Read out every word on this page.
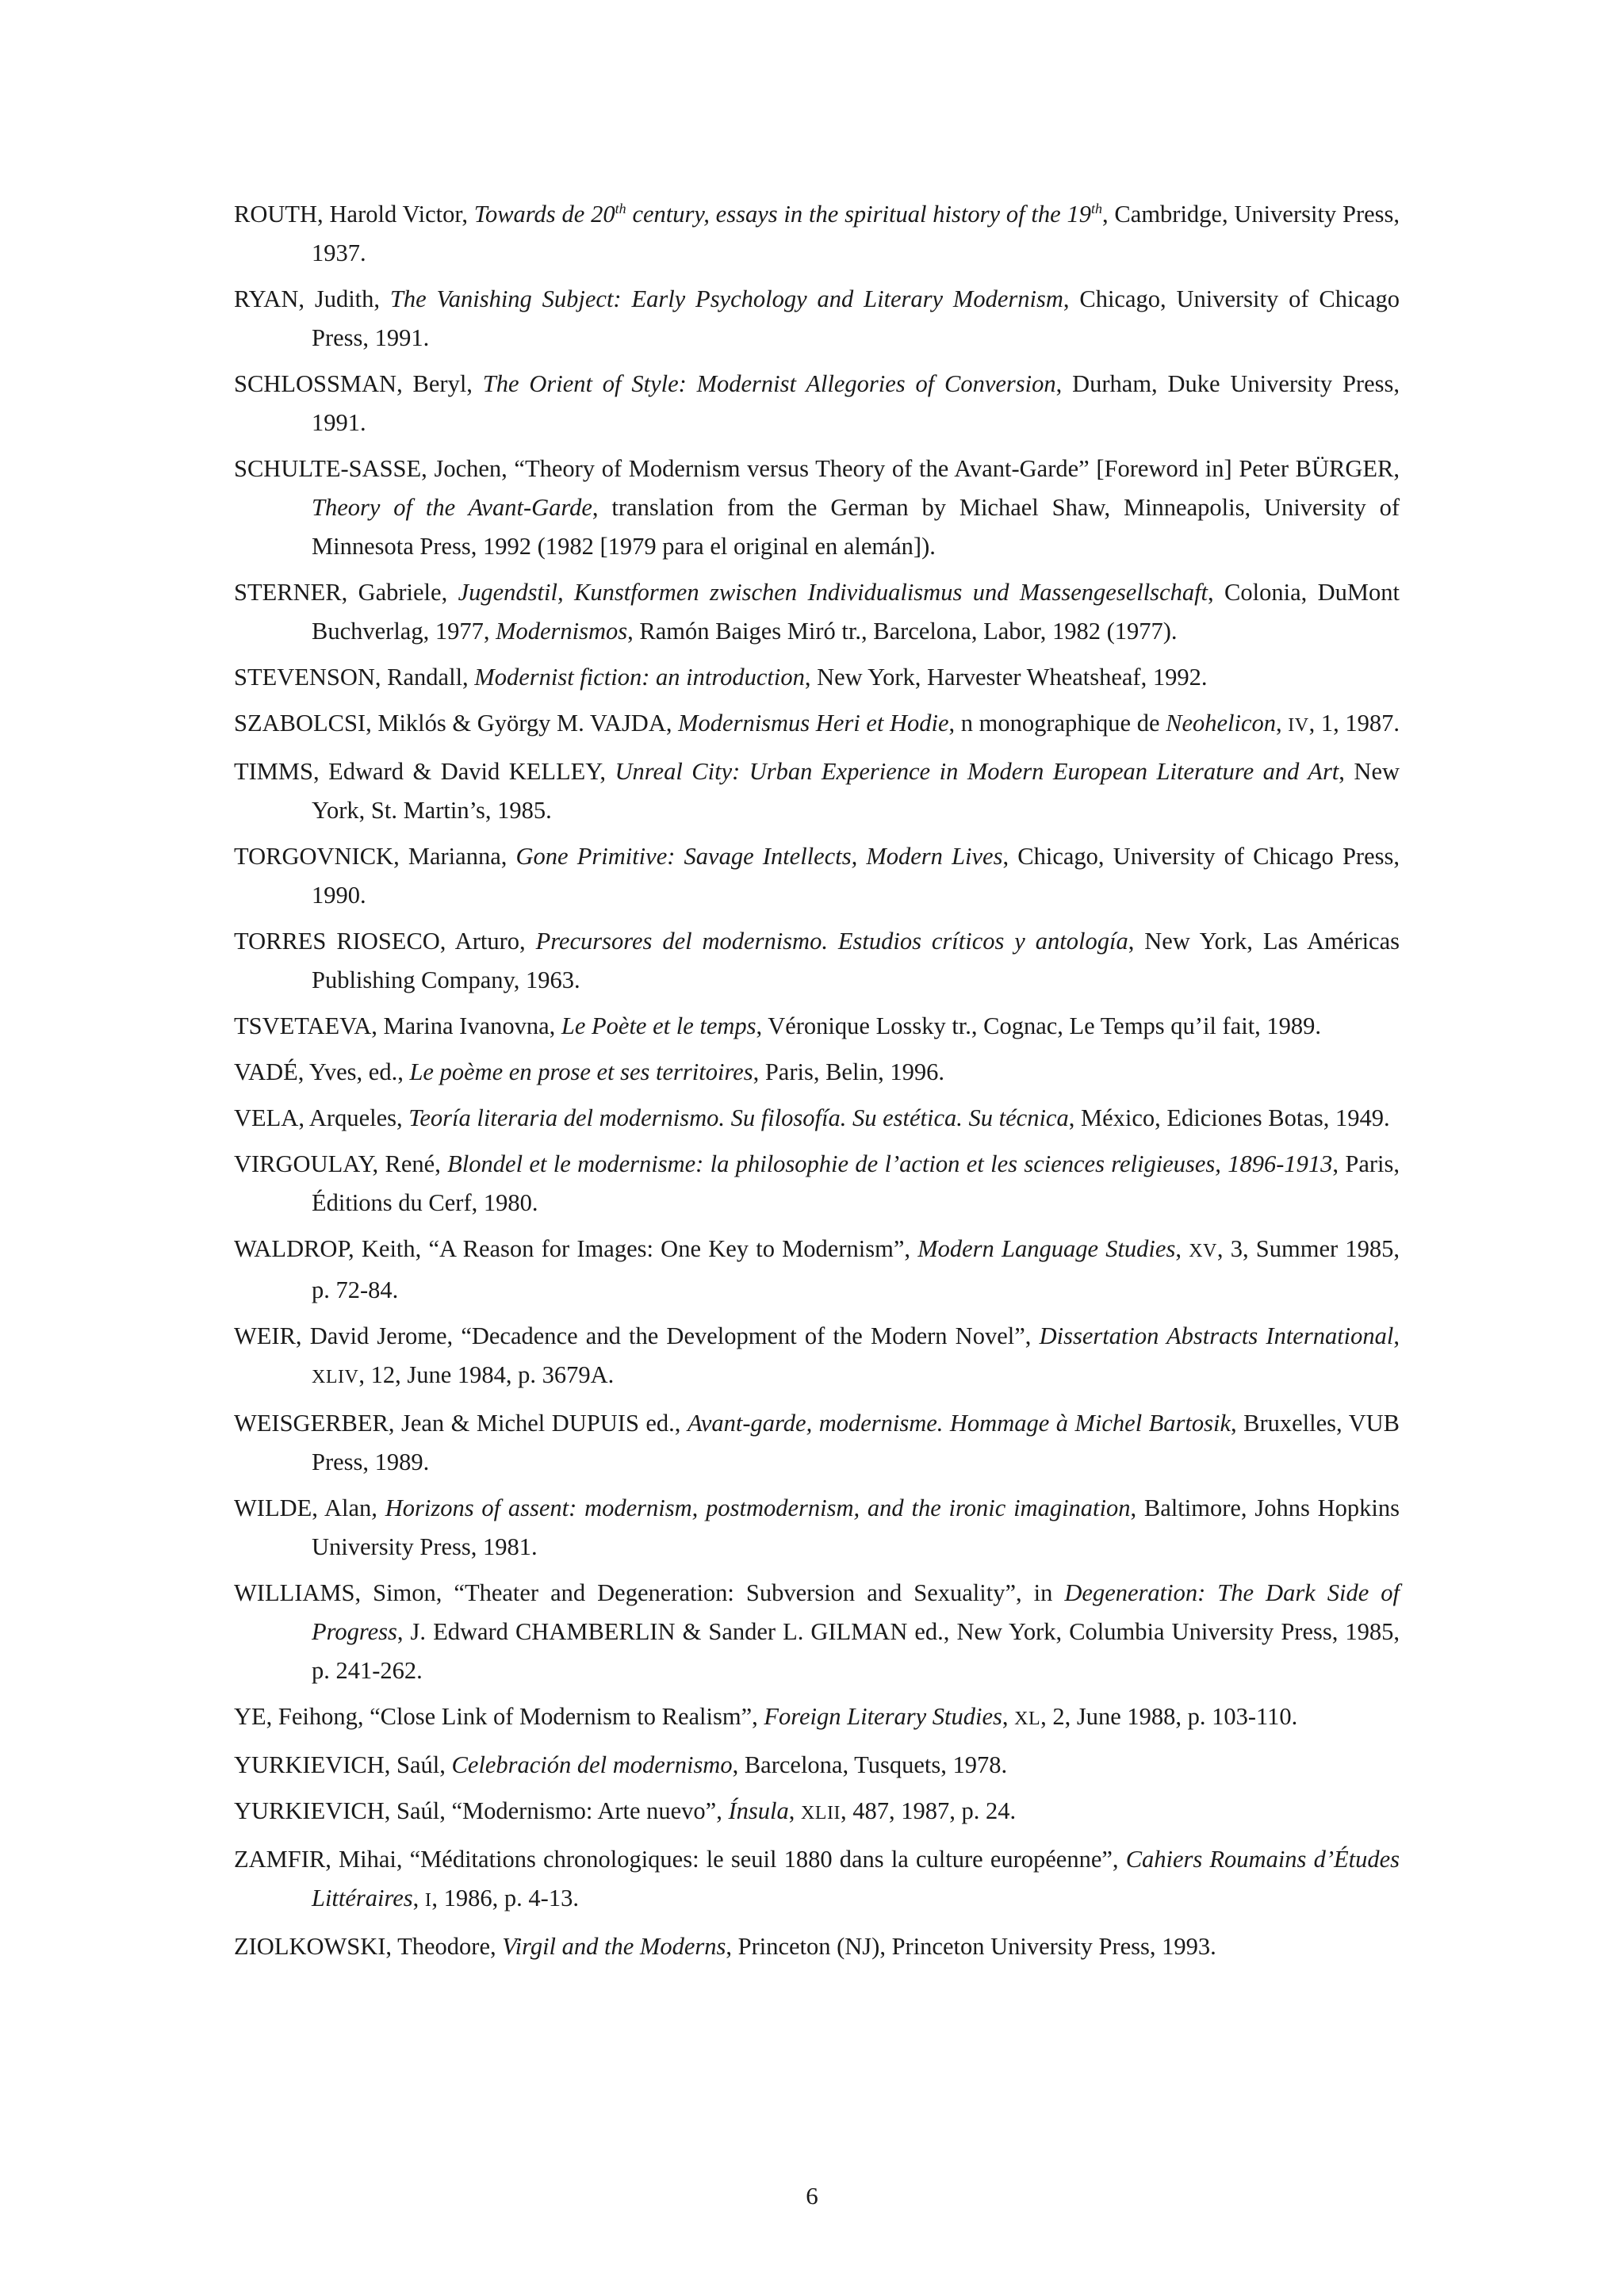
ROUTH, Harold Victor, Towards de 20th century, essays in the spiritual history of the 19th, Cambridge, University Press, 1937.

RYAN, Judith, The Vanishing Subject: Early Psychology and Literary Modernism, Chicago, University of Chicago Press, 1991.

SCHLOSSMAN, Beryl, The Orient of Style: Modernist Allegories of Conversion, Durham, Duke University Press, 1991.

SCHULTE-SASSE, Jochen, “Theory of Modernism versus Theory of the Avant-Garde” [Foreword in] Peter BÜRGER, Theory of the Avant-Garde, translation from the German by Michael Shaw, Minneapolis, University of Minnesota Press, 1992 (1982 [1979 para el original en alemán]).

STERNER, Gabriele, Jugendstil, Kunstformen zwischen Individualismus und Massengesellschaft, Colonia, DuMont Buchverlag, 1977, Modernismos, Ramón Baiges Miró tr., Barcelona, Labor, 1982 (1977).

STEVENSON, Randall, Modernist fiction: an introduction, New York, Harvester Wheatsheaf, 1992.

SZABOLCSI, Miklós & György M. VAJDA, Modernismus Heri et Hodie, n monographique de Neohelicon, IV, 1, 1987.

TIMMS, Edward & David KELLEY, Unreal City: Urban Experience in Modern European Literature and Art, New York, St. Martin’s, 1985.

TORGOVNICK, Marianna, Gone Primitive: Savage Intellects, Modern Lives, Chicago, University of Chicago Press, 1990.

TORRES RIOSECO, Arturo, Precursores del modernismo. Estudios críticos y antología, New York, Las Américas Publishing Company, 1963.

TSVETAEVA, Marina Ivanovna, Le Poète et le temps, Véronique Lossky tr., Cognac, Le Temps qu’il fait, 1989.

VADÉ, Yves, ed., Le poème en prose et ses territoires, Paris, Belin, 1996.

VELA, Arqueles, Teoría literaria del modernismo. Su filosofía. Su estética. Su técnica, México, Ediciones Botas, 1949.

VIRGOULAY, René, Blondel et le modernisme: la philosophie de l’action et les sciences religieuses, 1896-1913, Paris, Éditions du Cerf, 1980.

WALDROP, Keith, “A Reason for Images: One Key to Modernism”, Modern Language Studies, XV, 3, Summer 1985, p. 72-84.

WEIR, David Jerome, “Decadence and the Development of the Modern Novel”, Dissertation Abstracts International, XLIV, 12, June 1984, p. 3679A.

WEISGERBER, Jean & Michel DUPUIS ed., Avant-garde, modernisme. Hommage à Michel Bartosik, Bruxelles, VUB Press, 1989.

WILDE, Alan, Horizons of assent: modernism, postmodernism, and the ironic imagination, Baltimore, Johns Hopkins University Press, 1981.

WILLIAMS, Simon, “Theater and Degeneration: Subversion and Sexuality”, in Degeneration: The Dark Side of Progress, J. Edward CHAMBERLIN & Sander L. GILMAN ed., New York, Columbia University Press, 1985, p. 241-262.

YE, Feihong, “Close Link of Modernism to Realism”, Foreign Literary Studies, XL, 2, June 1988, p. 103-110.

YURKIEVICH, Saúl, Celebración del modernismo, Barcelona, Tusquets, 1978.

YURKIEVICH, Saúl, “Modernismo: Arte nuevo”, Ínsula, XLII, 487, 1987, p. 24.

ZAMFIR, Mihai, “Méditations chronologiques: le seuil 1880 dans la culture européenne”, Cahiers Roumains d’Études Littéraires, I, 1986, p. 4-13.

ZIOLKOWSKI, Theodore, Virgil and the Moderns, Princeton (NJ), Princeton University Press, 1993.

6
